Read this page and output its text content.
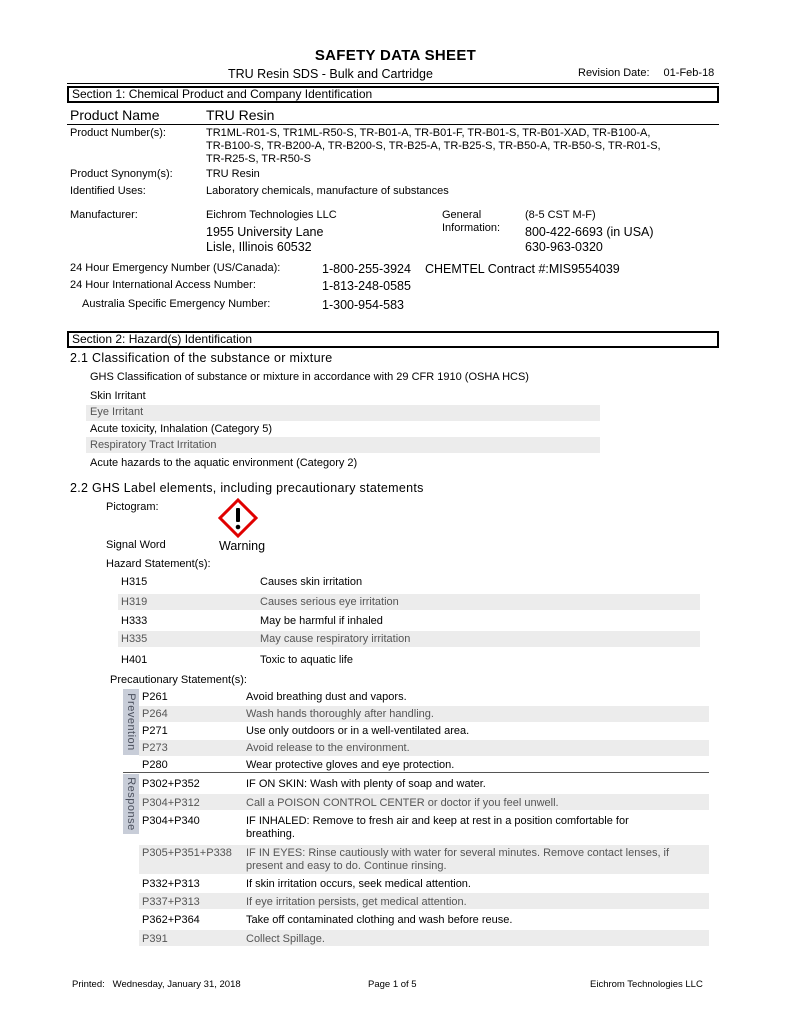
SAFETY DATA SHEET
TRU Resin SDS - Bulk and Cartridge	Revision Date: 01-Feb-18
Section 1: Chemical Product and Company Identification
Product Name	TRU Resin
Product Number(s):	TR1ML-R01-S, TR1ML-R50-S, TR-B01-A, TR-B01-F, TR-B01-S, TR-B01-XAD, TR-B100-A,
TR-B100-S, TR-B200-A, TR-B200-S, TR-B25-A, TR-B25-S, TR-B50-A, TR-B50-S, TR-R01-S,
TR-R25-S, TR-R50-S
Product Synonym(s):	TRU Resin
Identified Uses:	Laboratory chemicals, manufacture of substances
Manufacturer:	Eichrom Technologies LLC
1955 University Lane
Lisle, Illinois 60532
General
Information:
(8-5 CST M-F)
800-422-6693 (in USA)
630-963-0320
24 Hour Emergency Number (US/Canada):	1-800-255-3924 CHEMTEL Contract #:MIS9554039
24 Hour International Access Number:	1-813-248-0585
Australia Specific Emergency Number:	1-300-954-583
Section 2: Hazard(s) Identification
2.1 Classification of the substance or mixture
GHS Classification of substance or mixture in accordance with 29 CFR 1910 (OSHA HCS)
Skin Irritant
Eye Irritant
Acute toxicity, Inhalation (Category 5)
Respiratory Tract Irritation
Acute hazards to the aquatic environment (Category 2)
2.2 GHS Label elements, including precautionary statements
Pictogram:
Signal Word	Warning
Hazard Statement(s):
H315	Causes skin irritation
H319	Causes serious eye irritation
H333	May be harmful if inhaled
H335	May cause respiratory irritation
H401	Toxic to aquatic life
Precautionary Statement(s):
Prevention P261	Avoid breathing dust and vapors.
P264	Wash hands thoroughly after handling.
P271	Use only outdoors or in a well-ventilated area.
P273	Avoid release to the environment.
P280	Wear protective gloves and eye protection.
Response P302+P352	IF ON SKIN: Wash with plenty of soap and water.
P304+P312	Call a POISON CONTROL CENTER or doctor if you feel unwell.
P304+P340	IF INHALED: Remove to fresh air and keep at rest in a position comfortable for
breathing.
P305+P351+P338 IF IN EYES: Rinse cautiously with water for several minutes. Remove contact lenses, if
present and easy to do. Continue rinsing.
P332+P313	If skin irritation occurs, seek medical attention.
P337+P313	If eye irritation persists, get medical attention.
P362+P364	Take off contaminated clothing and wash before reuse.
P391	Collect Spillage.
Printed: Wednesday, January 31, 2018	Page 1 of 5	Eichrom Technologies LLC
